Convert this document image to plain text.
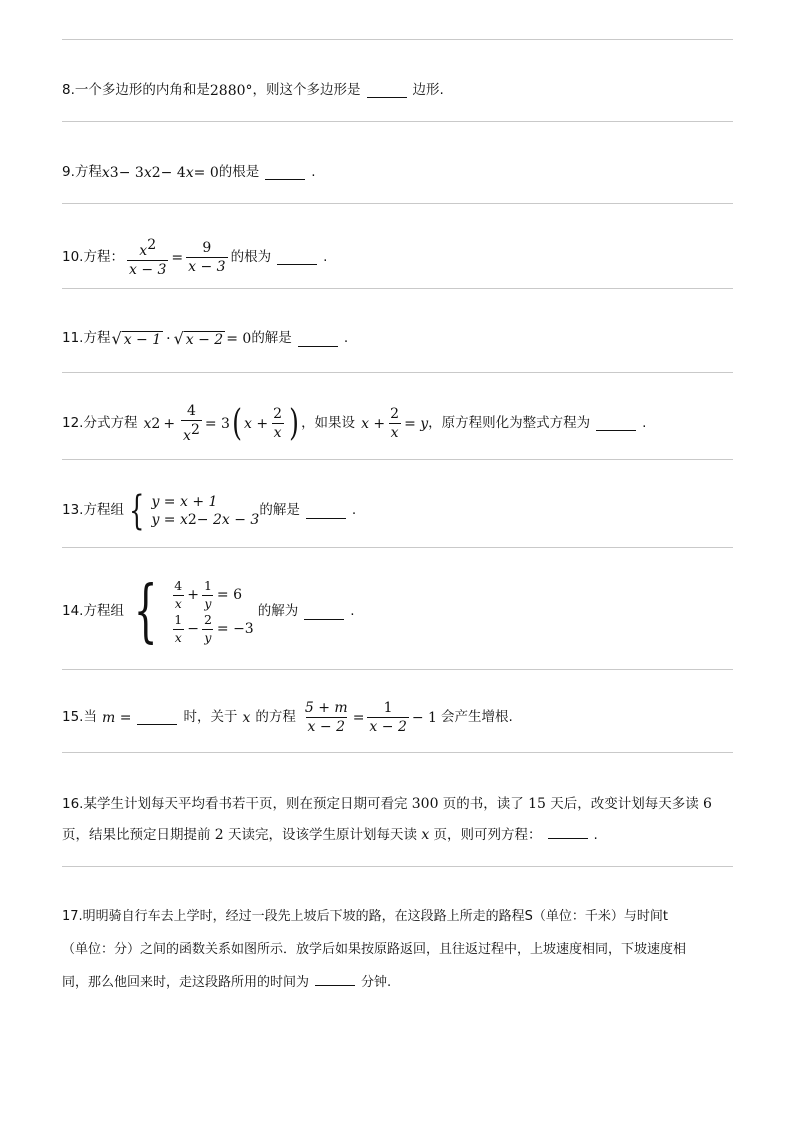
8.一个多边形的内角和是 2880 ° ，则这个多边形是	边形.
9.方程 x 3 − 3 x 2 − 4 x = 0 的根是	.
10.方程： $\frac{x^2}{x - 3} = \frac{9}{x - 3}$ 的根为	.
11.方程 √ x − 1 · √ x − 2 = 0 的解是	.
12.分式方程 x $2 + \frac{4}{x^2} = 3$ ( $x + \frac{2}{x}$ ) ，如果设 $x + \frac{2}{x} = y$ ，原方程则化为整式方程为	.
13.方程组 { y = x + 1
y = x 2 − 2x − 3
的解是	.
14.方程组 { $\frac{4}{x} + \frac{1}{y} = 6$
$\frac{1}{x} - \frac{2}{y} = -3$
的解为	.
15.当 m =	时，关于 x 的方程 $\frac{5 + m}{x - 2} = \frac{1}{x - 2} - 1$ 会产生增根.
16.某学生计划每天平均看书若干页，则在预定日期可看完 300 页的书，读了 15 天后，改变计划每天多读 6
页，结果比预定日期提前 2 天读完，设该学生原计划每天读 x 页，则可列方程：	.
17.明明骑自行车去上学时，经过一段先上坡后下坡的路，在这段路上所走的路程S（单位：千米）与时间t
（单位：分）之间的函数关系如图所示．放学后如果按原路返回，且往返过程中，上坡速度相同，下坡速度相
同，那么他回来时，走这段路所用的时间为	分钟.
